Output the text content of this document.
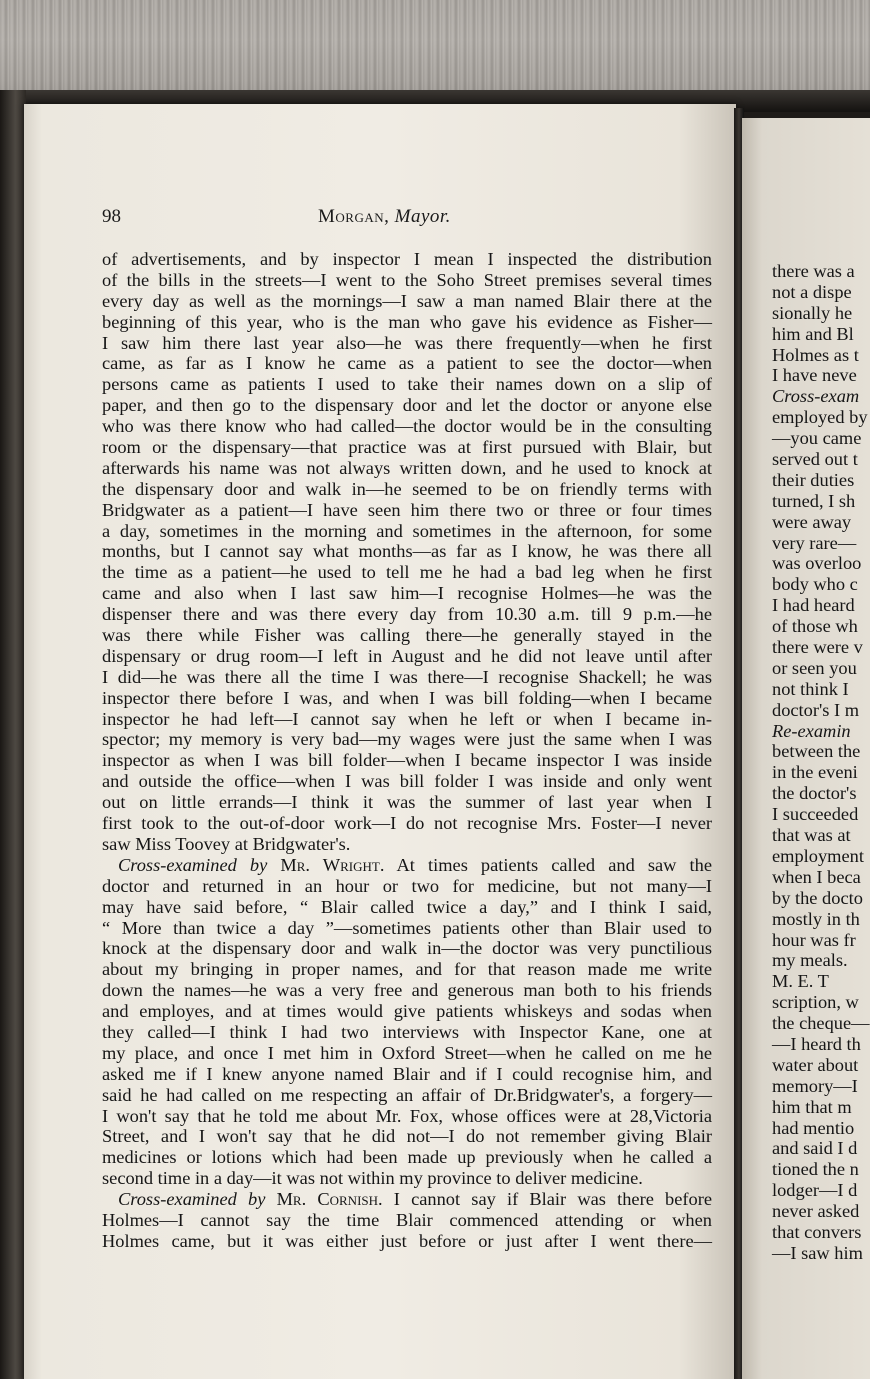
98	Morgan, Mayor.
of advertisements, and by inspector I mean I inspected the distribution
of the bills in the streets—I went to the Soho Street premises several times
every day as well as the mornings—I saw a man named Blair there at the
beginning of this year, who is the man who gave his evidence as Fisher—
I saw him there last year also—he was there frequently—when he first
came, as far as I know he came as a patient to see the doctor—when
persons came as patients I used to take their names down on a slip of
paper, and then go to the dispensary door and let the doctor or anyone else
who was there know who had called—the doctor would be in the consulting
room or the dispensary—that practice was at first pursued with Blair, but
afterwards his name was not always written down, and he used to knock at
the dispensary door and walk in—he seemed to be on friendly terms with
Bridgwater as a patient—I have seen him there two or three or four times
a day, sometimes in the morning and sometimes in the afternoon, for some
months, but I cannot say what months—as far as I know, he was there all
the time as a patient—he used to tell me he had a bad leg when he first
came and also when I last saw him—I recognise Holmes—he was the
dispenser there and was there every day from 10.30 a.m. till 9 p.m.—he
was there while Fisher was calling there—he generally stayed in the
dispensary or drug room—I left in August and he did not leave until after
I did—he was there all the time I was there—I recognise Shackell; he was
inspector there before I was, and when I was bill folding—when I became
inspector he had left—I cannot say when he left or when I became in-
spector; my memory is very bad—my wages were just the same when I was
inspector as when I was bill folder—when I became inspector I was inside
and outside the office—when I was bill folder I was inside and only went
out on little errands—I think it was the summer of last year when I
first took to the out-of-door work—I do not recognise Mrs. Foster—I never
saw Miss Toovey at Bridgwater's.
Cross-examined by Mr. Wright. At times patients called and saw the
doctor and returned in an hour or two for medicine, but not many—I
may have said before, “ Blair called twice a day,” and I think I said,
“ More than twice a day ”—sometimes patients other than Blair used to
knock at the dispensary door and walk in—the doctor was very punctilious
about my bringing in proper names, and for that reason made me write
down the names—he was a very free and generous man both to his friends
and employes, and at times would give patients whiskeys and sodas when
they called—I think I had two interviews with Inspector Kane, one at
my place, and once I met him in Oxford Street—when he called on me he
asked me if I knew anyone named Blair and if I could recognise him, and
said he had called on me respecting an affair of Dr.Bridgwater's, a forgery—
I won't say that he told me about Mr. Fox, whose offices were at 28,Victoria
Street, and I won't say that he did not—I do not remember giving Blair
medicines or lotions which had been made up previously when he called a
second time in a day—it was not within my province to deliver medicine.
Cross-examined by Mr. Cornish. I cannot say if Blair was there before
Holmes—I cannot say the time Blair commenced attending or when
Holmes came, but it was either just before or just after I went there—
there was a
not a dispe
sionally he
him and Bl
Holmes as t
I have neve
Cross-exam
employed by
—you came
served out t
their duties
turned, I sh
were away
very rare—
was overloo
body who c
I had heard
of those wh
there were v
or seen you
not think I
doctor's I m
Re-examin
between the
in the eveni
the doctor's
I succeeded
that was at
employment
when I beca
by the docto
mostly in th
hour was fr
my meals.
M. E. T
scription, w
the cheque—
—I heard th
water about
memory—I
him that m
had mentio
and said I d
tioned the n
lodger—I d
never asked
that convers
—I saw him
